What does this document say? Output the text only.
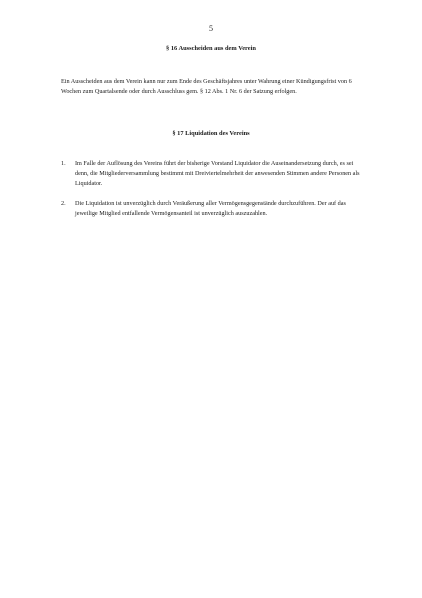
5
§ 16 Ausscheiden aus dem Verein
Ein Ausscheiden aus dem Verein kann nur zum Ende des Geschäftsjahres unter Wahrung einer Kündigungsfrist von 6 Wochen zum Quartalsende oder durch Ausschluss gem. § 12 Abs. 1 Nr. 6 der Satzung erfolgen.
§ 17 Liquidation des Vereins
1. Im Falle der Auflösung des Vereins führt der bisherige Vorstand Liquidator die Auseinandersetzung durch, es sei denn, die Mitgliederversammlung bestimmt mit Dreiviertelmehrheit der anwesenden Stimmen andere Personen als Liquidator.
2. Die Liquidation ist unverzüglich durch Veräußerung aller Vermögensgegenstände durchzuführen. Der auf das jeweilige Mitglied entfallende Vermögensanteil ist unverzüglich auszuzahlen.
